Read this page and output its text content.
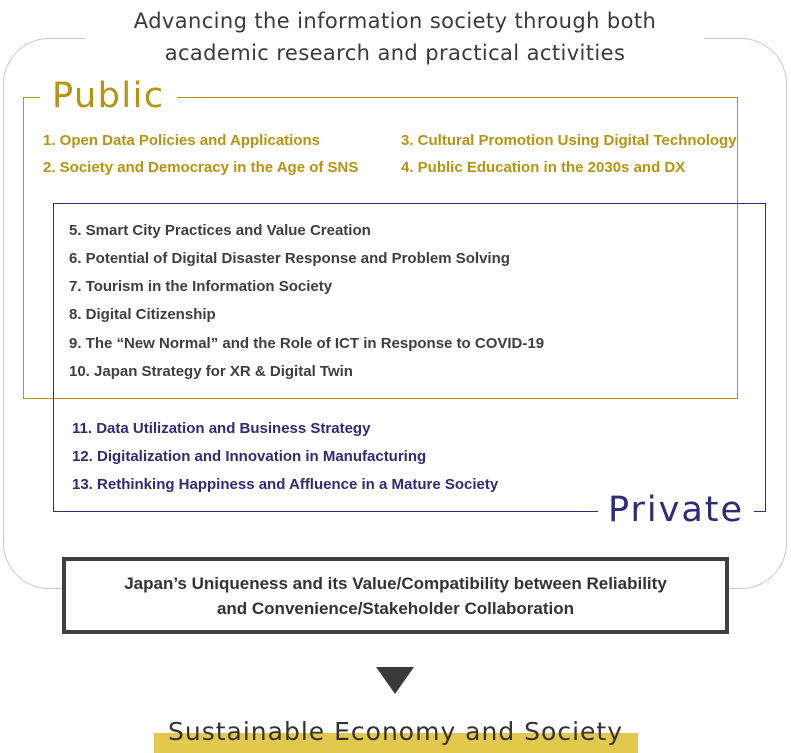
Advancing the information society through both
academic research and practical activities
Public
1. Open Data Policies and Applications
2. Society and Democracy in the Age of SNS
3. Cultural Promotion Using Digital Technology
4. Public Education in the 2030s and DX
5. Smart City Practices and Value Creation
6. Potential of Digital Disaster Response and Problem Solving
7. Tourism in the Information Society
8. Digital Citizenship
9. The “New Normal” and the Role of ICT in Response to COVID-19
10. Japan Strategy for XR & Digital Twin
11. Data Utilization and Business Strategy
12. Digitalization and Innovation in Manufacturing
13. Rethinking Happiness and Affluence in a Mature Society
Private
Japan’s Uniqueness and its Value/Compatibility between Reliability
and Convenience/Stakeholder Collaboration
Sustainable Economy and Society
